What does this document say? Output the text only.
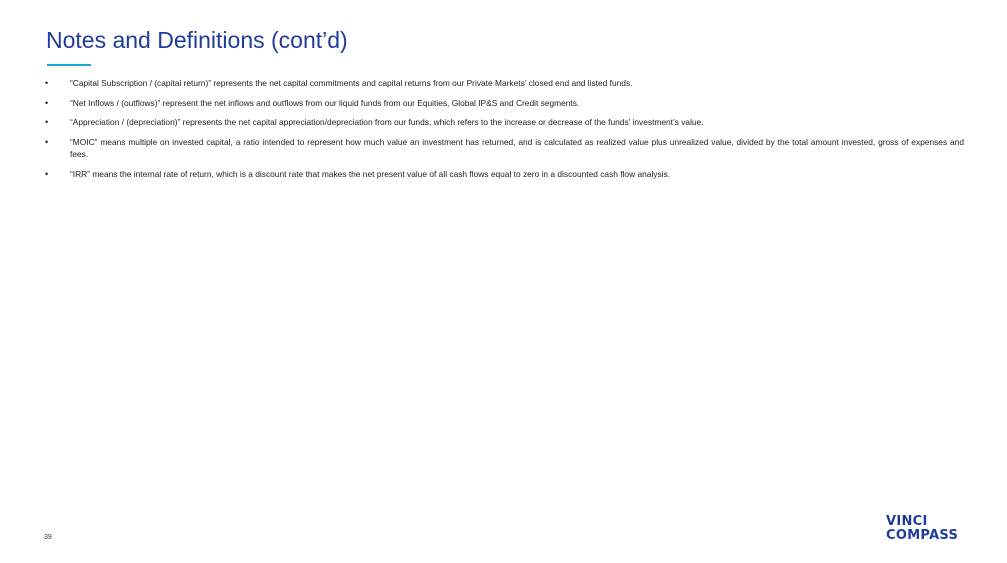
Notes and Definitions (cont’d)
•	“Capital Subscription / (capital return)” represents the net capital commitments and capital returns from our Private Markets’ closed end and listed funds.
•	“Net Inflows / (outflows)” represent the net inflows and outflows from our liquid funds from our Equities, Global IP&S and Credit segments.
•	“Appreciation / (depreciation)” represents the net capital appreciation/depreciation from our funds, which refers to the increase or decrease of the funds’ investment’s value.
•	“MOIC” means multiple on invested capital, a ratio intended to represent how much value an investment has returned, and is calculated as realized value plus unrealized value, divided by the total amount invested, gross of expenses and fees.
•	“IRR” means the internal rate of return, which is a discount rate that makes the net present value of all cash flows equal to zero in a discounted cash flow analysis.
39
VINCI
COMPASS
